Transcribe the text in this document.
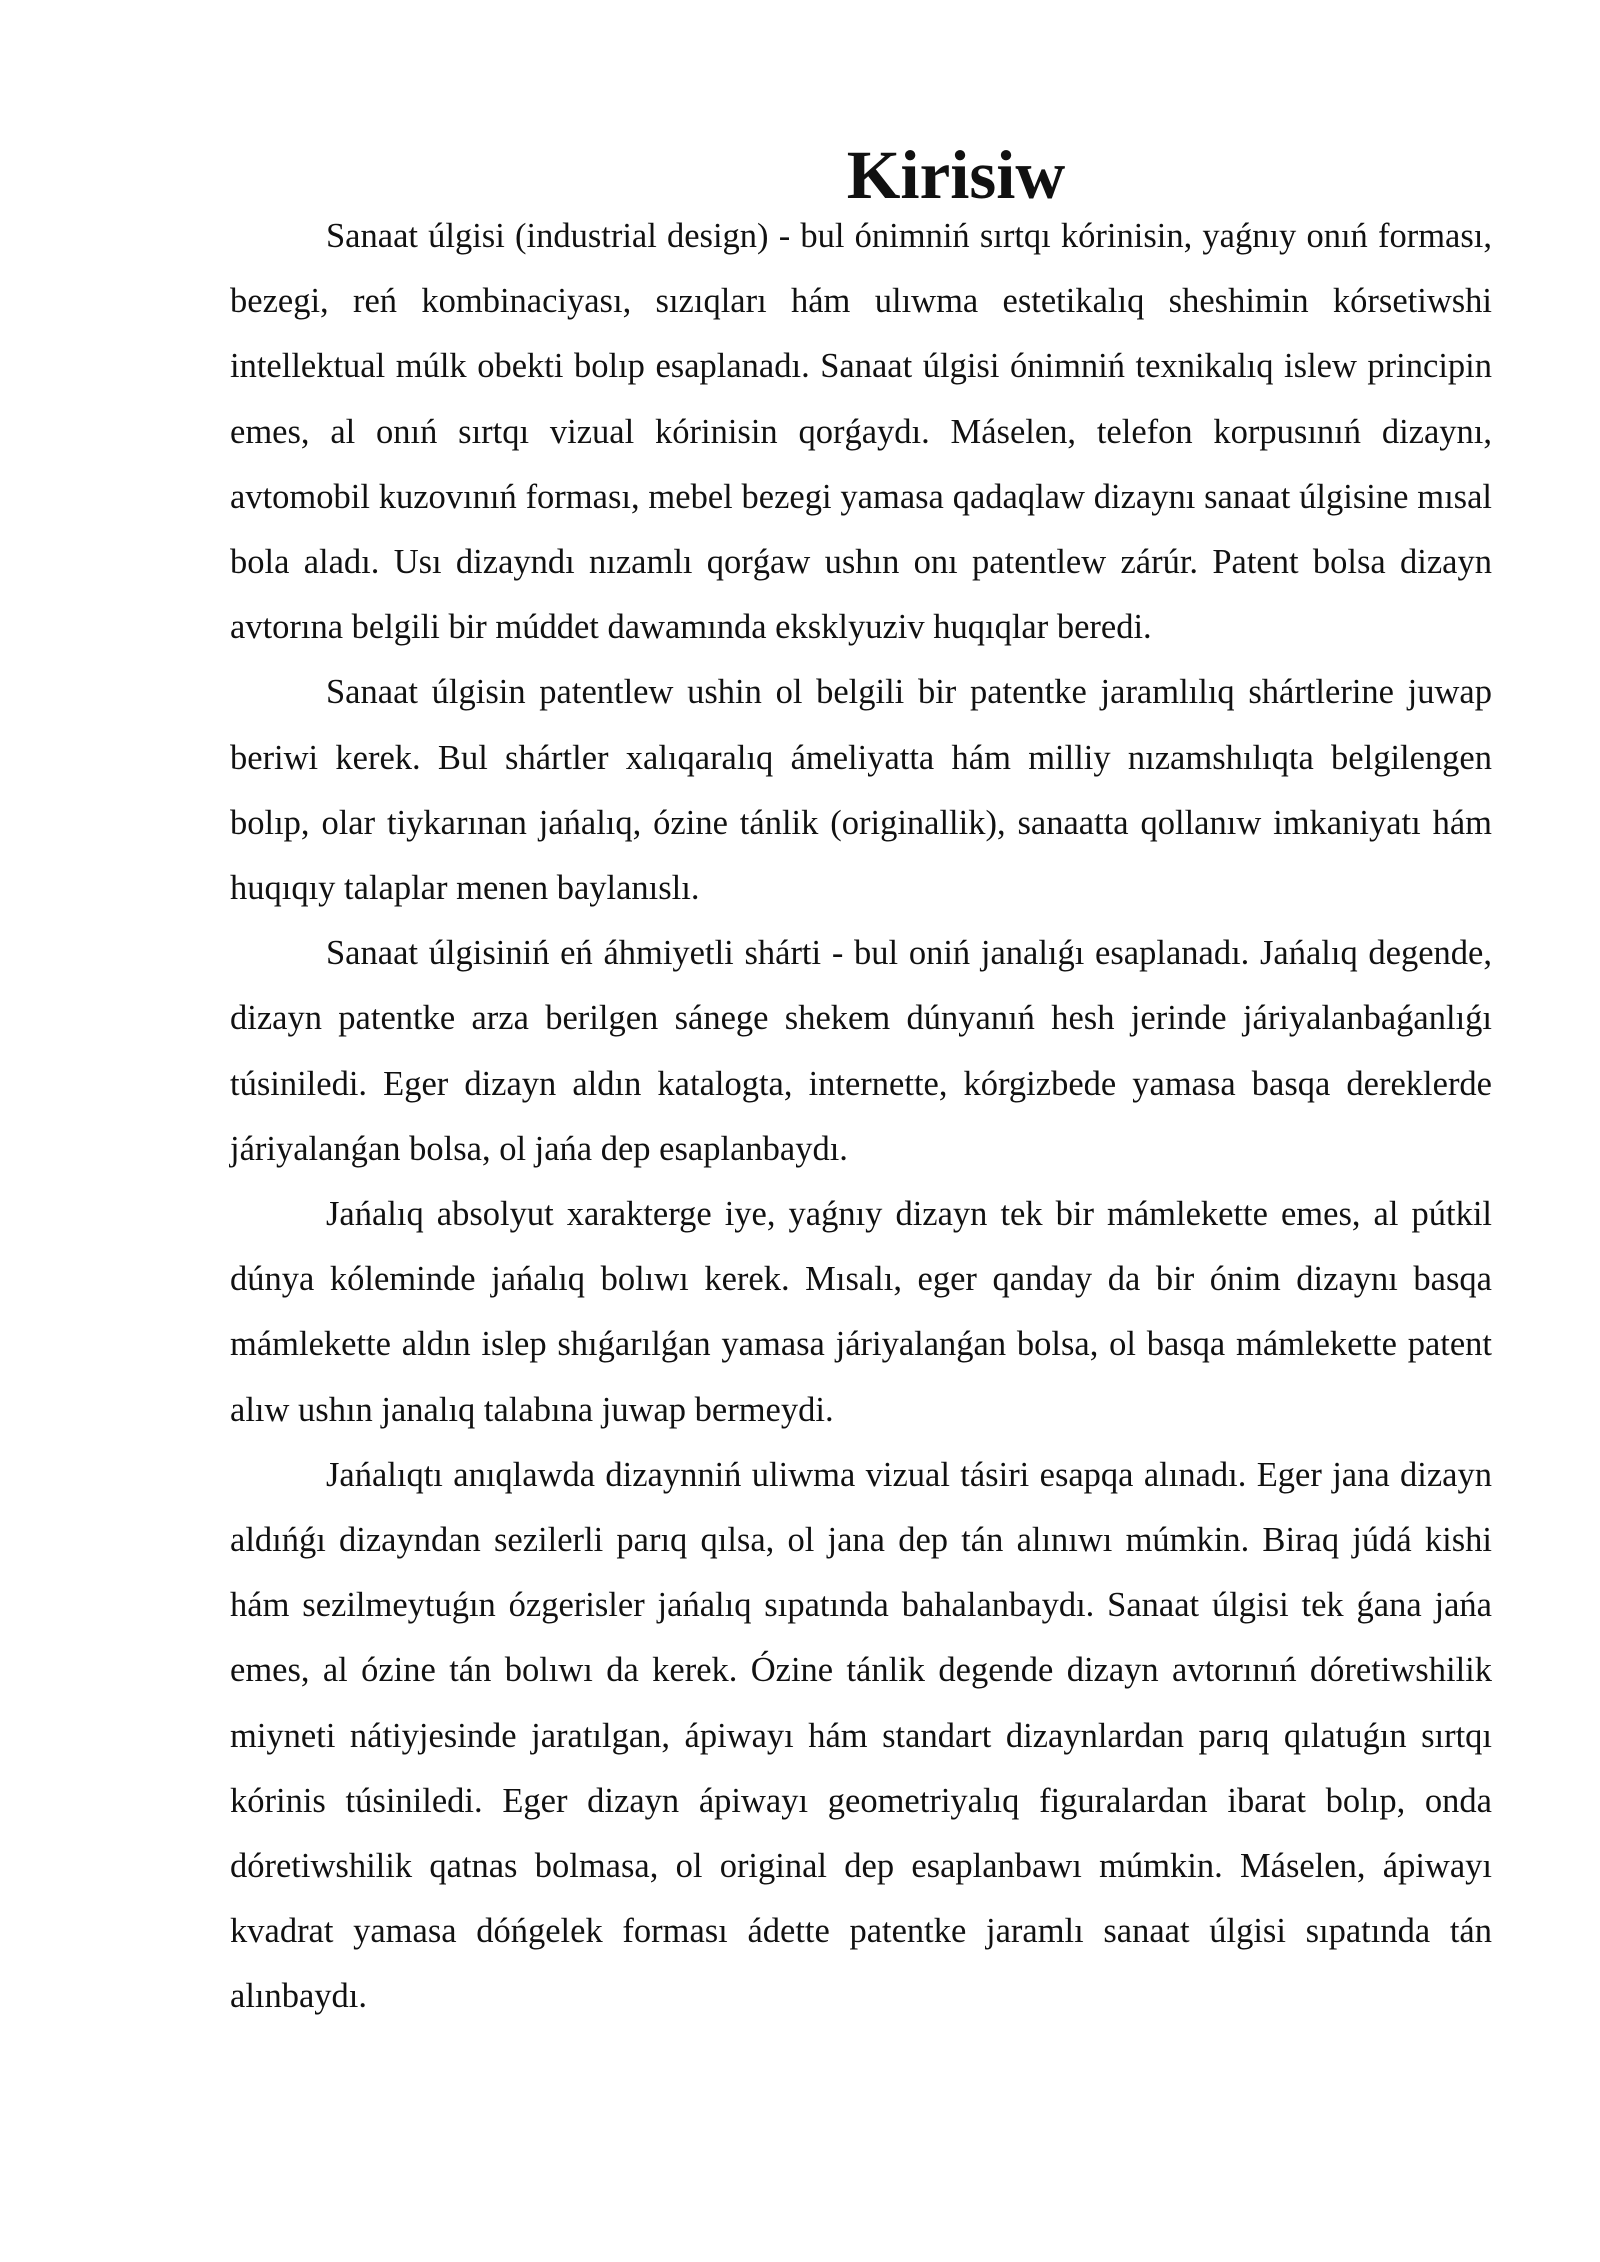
Kirisiw

Sanaat úlgisi (industrial design) - bul ónimniń sırtqı kórinisin, yaǵnıy onıń forması, bezegi, reń kombinaciyası, sızıqları hám ulıwma estetikalıq sheshimin kórsetiwshi intellektual múlk obekti bolıp esaplanadı. Sanaat úlgisi ónimniń texnikalıq islew principin emes, al onıń sırtqı vizual kórinisin qorǵaydı. Máselen, telefon korpusınıń dizaynı, avtomobil kuzovınıń forması, mebel bezegi yamasa qadaqlaw dizaynı sanaat úlgisine mısal bola aladı. Usı dizayndı nızamlı qorǵaw ushın onı patentlew zárúr. Patent bolsa dizayn avtorına belgili bir múddet dawamında eksklyuziv huqıqlar beredi.

Sanaat úlgisin patentlew ushin ol belgili bir patentke jaramlılıq shártlerine juwap beriwi kerek. Bul shártler xalıqaralıq ámeliyatta hám milliy nızamshılıqta belgilengen bolıp, olar tiykarınan jańalıq, ózine tánlik (originallik), sanaatta qollanıw imkaniyatı hám huqıqıy talaplar menen baylanıslı.

Sanaat úlgisiniń eń áhmiyetli shárti - bul oniń janalıǵı esaplanadı. Jańalıq degende, dizayn patentke arza berilgen sánege shekem dúnyanıń hesh jerinde járiyalanbaǵanlıǵı túsiniledi. Eger dizayn aldın katalogta, internette, kórgizbede yamasa basqa dereklerde járiyalanǵan bolsa, ol jańa dep esaplanbaydı.

Jańalıq absolyut xarakterge iye, yaǵnıy dizayn tek bir mámlekette emes, al pútkil dúnya kóleminde jańalıq bolıwı kerek. Mısalı, eger qanday da bir ónim dizaynı basqa mámlekette aldın islep shıǵarılǵan yamasa járiyalanǵan bolsa, ol basqa mámlekette patent alıw ushın janalıq talabına juwap bermeydi.

Jańalıqtı anıqlawda dizaynniń uliwma vizual tásiri esapqa alınadı. Eger jana dizayn aldıńǵı dizayndan sezilerli parıq qılsa, ol jana dep tán alınıwı múmkin. Biraq júdá kishi hám sezilmeytuǵın ózgerisler jańalıq sıpatında bahalanbaydı. Sanaat úlgisi tek ǵana jańa emes, al ózine tán bolıwı da kerek. Ózine tánlik degende dizayn avtorınıń dóretiwshilik miyneti nátiyjesinde jaratılgan, ápiwayı hám standart dizaynlardan parıq qılatuǵın sırtqı kórinis túsiniledi. Eger dizayn ápiwayı geometriyalıq figuralardan ibarat bolıp, onda dóretiwshilik qatnas bolmasa, ol original dep esaplanbawı múmkin. Máselen, ápiwayı kvadrat yamasa dóńgelek forması ádette patentke jaramlı sanaat úlgisi sıpatında tán alınbaydı.
